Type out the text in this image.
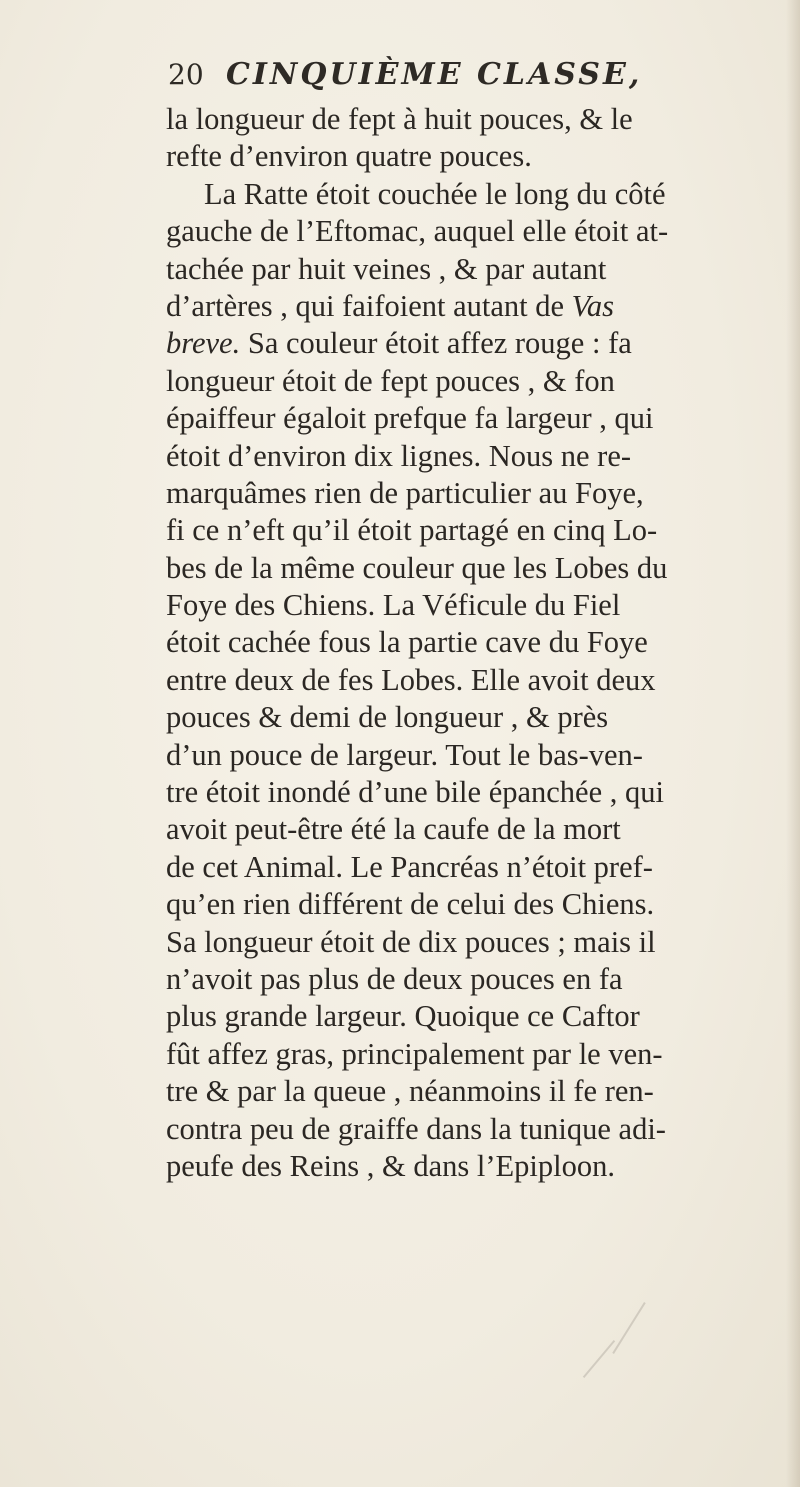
20 CINQUIÈME CLASSE,
la longueur de fept à huit pouces, & le
refte d’environ quatre pouces.
La Ratte étoit couchée le long du côté
gauche de l’Eftomac, auquel elle étoit at-
tachée par huit veines , & par autant
d’artères , qui faifoient autant de Vas
breve. Sa couleur étoit affez rouge : fa
longueur étoit de fept pouces , & fon
épaiffeur égaloit prefque fa largeur , qui
étoit d’environ dix lignes. Nous ne re-
marquâmes rien de particulier au Foye,
fi ce n’eft qu’il étoit partagé en cinq Lo-
bes de la même couleur que les Lobes du
Foye des Chiens. La Véficule du Fiel
étoit cachée fous la partie cave du Foye
entre deux de fes Lobes. Elle avoit deux
pouces & demi de longueur , & près
d’un pouce de largeur. Tout le bas-ven-
tre étoit inondé d’une bile épanchée , qui
avoit peut-être été la caufe de la mort
de cet Animal. Le Pancréas n’étoit pref-
qu’en rien différent de celui des Chiens.
Sa longueur étoit de dix pouces ; mais il
n’avoit pas plus de deux pouces en fa
plus grande largeur. Quoique ce Caftor
fût affez gras, principalement par le ven-
tre & par la queue , néanmoins il fe ren-
contra peu de graiffe dans la tunique adi-
peufe des Reins , & dans l’Epiploon.
